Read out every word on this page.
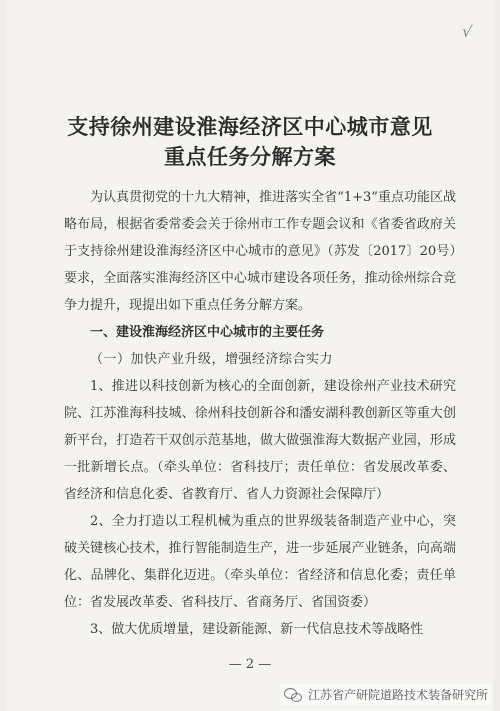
√
支持徐州建设淮海经济区中心城市意见
重点任务分解方案

为认真贯彻党的十九大精神，推进落实全省“1+3”重点功能区战略布局，根据省委常委会关于徐州市工作专题会议和《省委省政府关于支持徐州建设淮海经济区中心城市的意见》（苏发〔2017〕20号）要求，全面落实淮海经济区中心城市建设各项任务，推动徐州综合竞争力提升，现提出如下重点任务分解方案。

一、建设淮海经济区中心城市的主要任务

（一）加快产业升级，增强经济综合实力

1、推进以科技创新为核心的全面创新，建设徐州产业技术研究院、江苏淮海科技城、徐州科技创新谷和潘安湖科教创新区等重大创新平台，打造若干双创示范基地，做大做强淮海大数据产业园，形成一批新增长点。（牵头单位：省科技厅；责任单位：省发展改革委、省经济和信息化委、省教育厅、省人力资源社会保障厅）

2、全力打造以工程机械为重点的世界级装备制造产业中心，突破关键核心技术，推行智能制造生产，进一步延展产业链条，向高端化、品牌化、集群化迈进。（牵头单位：省经济和信息化委；责任单位：省发展改革委、省科技厅、省商务厅、省国资委）

3、做大优质增量，建设新能源、新一代信息技术等战略性

— 2 —
江苏省产研院道路技术装备研究所
